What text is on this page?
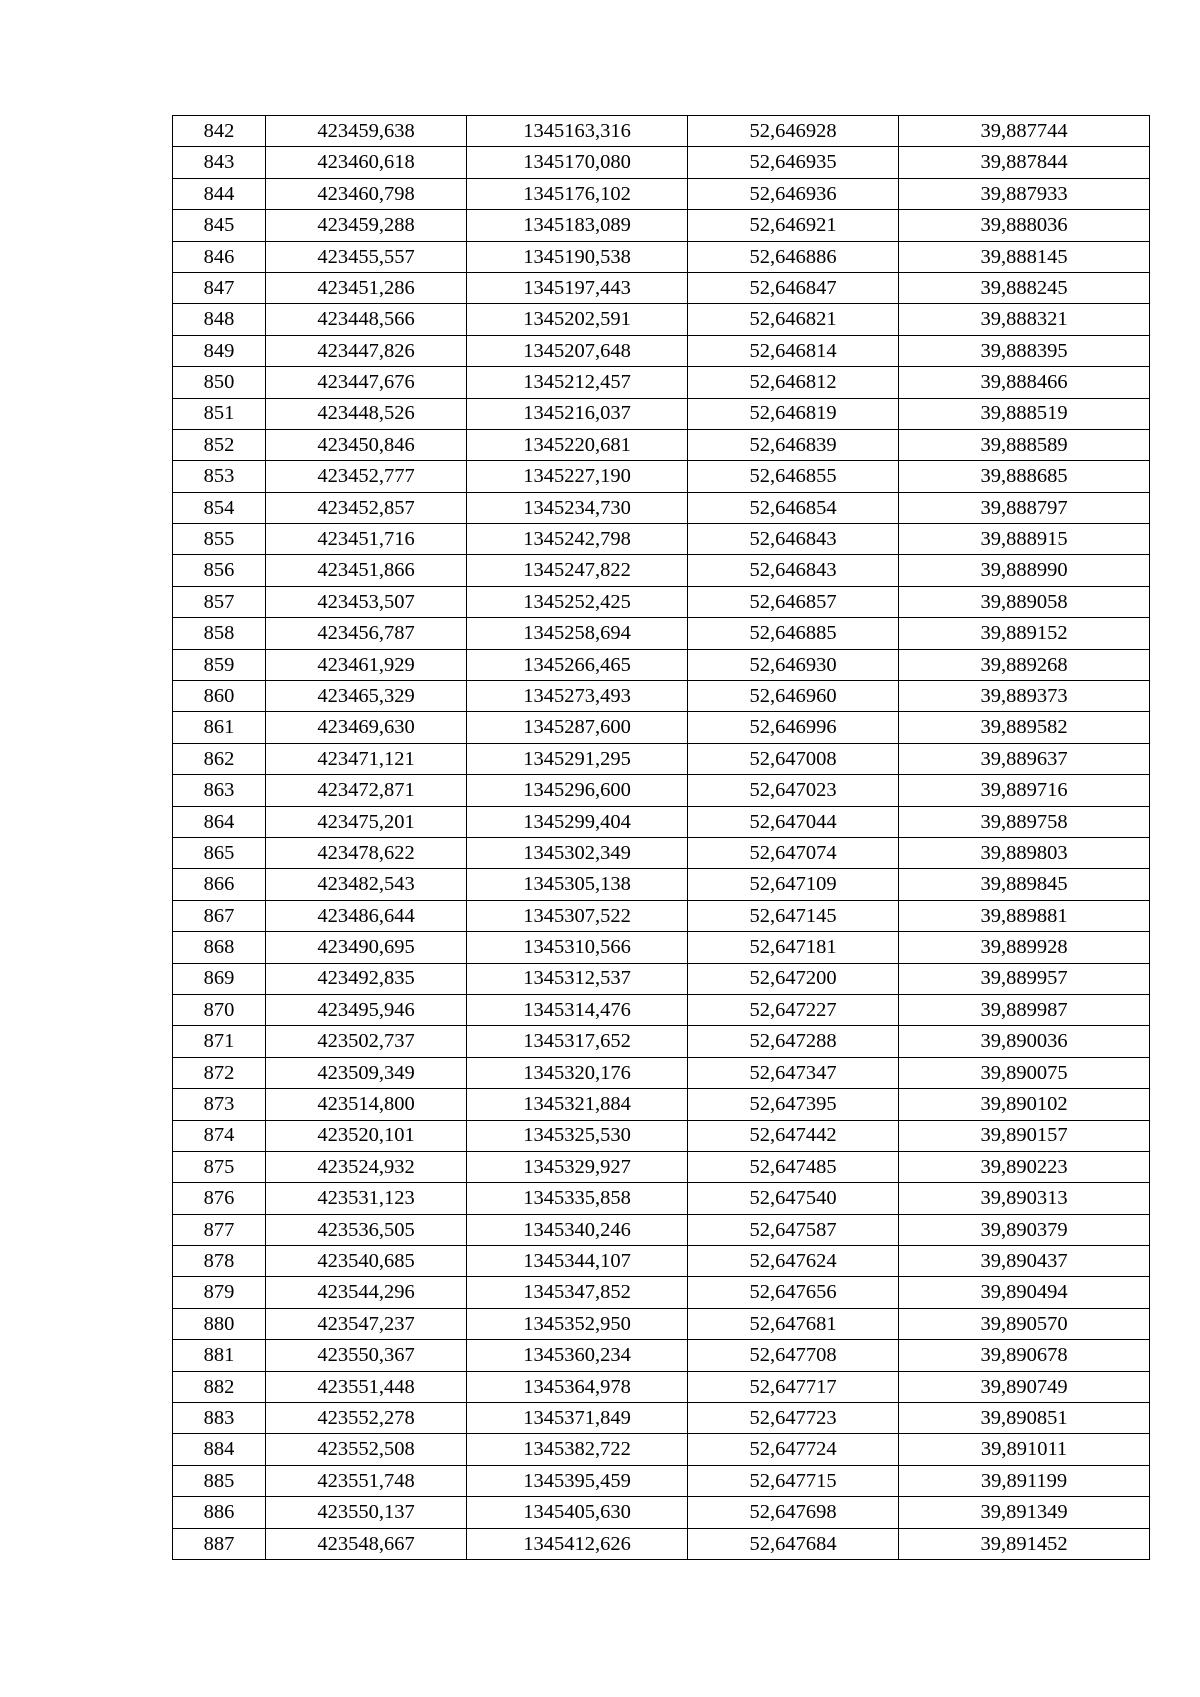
842	423459,638	1345163,316	52,646928	39,887744
843	423460,618	1345170,080	52,646935	39,887844
844	423460,798	1345176,102	52,646936	39,887933
845	423459,288	1345183,089	52,646921	39,888036
846	423455,557	1345190,538	52,646886	39,888145
847	423451,286	1345197,443	52,646847	39,888245
848	423448,566	1345202,591	52,646821	39,888321
849	423447,826	1345207,648	52,646814	39,888395
850	423447,676	1345212,457	52,646812	39,888466
851	423448,526	1345216,037	52,646819	39,888519
852	423450,846	1345220,681	52,646839	39,888589
853	423452,777	1345227,190	52,646855	39,888685
854	423452,857	1345234,730	52,646854	39,888797
855	423451,716	1345242,798	52,646843	39,888915
856	423451,866	1345247,822	52,646843	39,888990
857	423453,507	1345252,425	52,646857	39,889058
858	423456,787	1345258,694	52,646885	39,889152
859	423461,929	1345266,465	52,646930	39,889268
860	423465,329	1345273,493	52,646960	39,889373
861	423469,630	1345287,600	52,646996	39,889582
862	423471,121	1345291,295	52,647008	39,889637
863	423472,871	1345296,600	52,647023	39,889716
864	423475,201	1345299,404	52,647044	39,889758
865	423478,622	1345302,349	52,647074	39,889803
866	423482,543	1345305,138	52,647109	39,889845
867	423486,644	1345307,522	52,647145	39,889881
868	423490,695	1345310,566	52,647181	39,889928
869	423492,835	1345312,537	52,647200	39,889957
870	423495,946	1345314,476	52,647227	39,889987
871	423502,737	1345317,652	52,647288	39,890036
872	423509,349	1345320,176	52,647347	39,890075
873	423514,800	1345321,884	52,647395	39,890102
874	423520,101	1345325,530	52,647442	39,890157
875	423524,932	1345329,927	52,647485	39,890223
876	423531,123	1345335,858	52,647540	39,890313
877	423536,505	1345340,246	52,647587	39,890379
878	423540,685	1345344,107	52,647624	39,890437
879	423544,296	1345347,852	52,647656	39,890494
880	423547,237	1345352,950	52,647681	39,890570
881	423550,367	1345360,234	52,647708	39,890678
882	423551,448	1345364,978	52,647717	39,890749
883	423552,278	1345371,849	52,647723	39,890851
884	423552,508	1345382,722	52,647724	39,891011
885	423551,748	1345395,459	52,647715	39,891199
886	423550,137	1345405,630	52,647698	39,891349
887	423548,667	1345412,626	52,647684	39,891452
